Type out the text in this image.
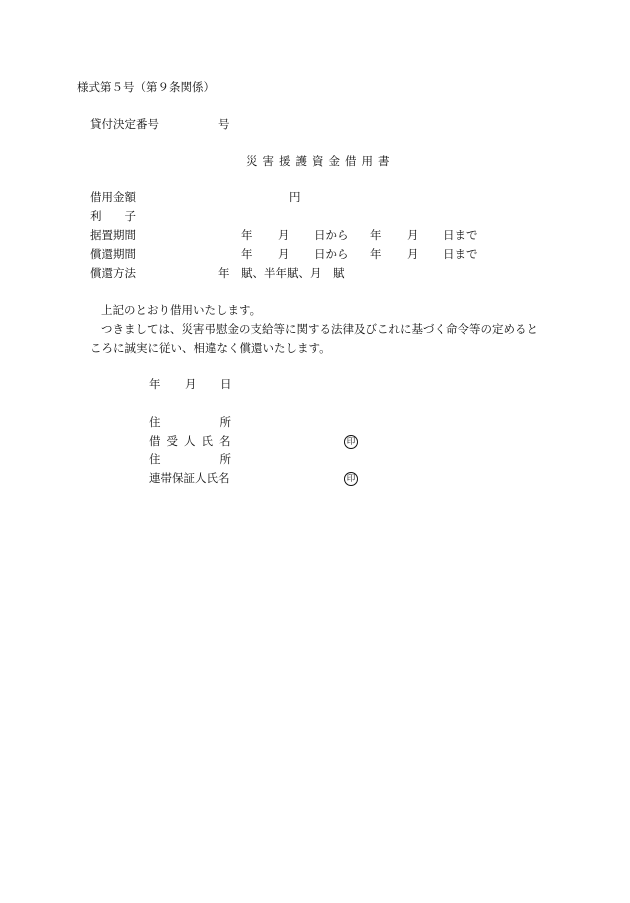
様式第５号（第９条関係）
貸付決定番号	号
災害援護資金借用書
借用金額	円
利 子
据置期間	年 月 日から 年 月 日まで
償還期間	年 月 日から 年 月 日まで
償還方法	年　賦、半年賦、月　賦
上記のとおり借用いたします。
つきましては、災害弔慰金の支給等に関する法律及びこれに基づく命令等の定めると
ころに誠実に従い、相違なく償還いたします。
年 月 日
住	所
借受人氏名	印
住	所
連帯保証人氏名	印
